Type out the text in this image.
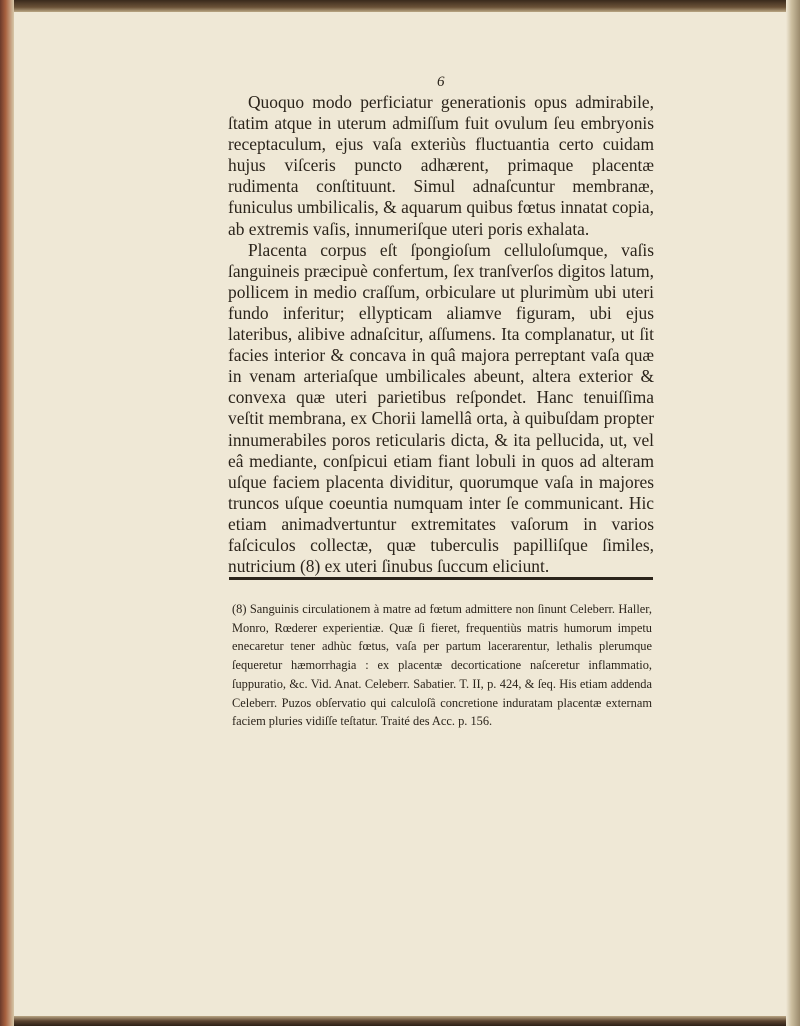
6

Quoquo modo perficiatur generationis opus admirabile, ſtatim atque in uterum admiſſum fuit ovulum ſeu embryonis receptaculum, ejus vaſa exteriùs fluctuantia certo cuidam hujus viſceris puncto adhærent, primaque placentæ rudimenta conſtituunt. Simul adnaſcuntur membranæ, funiculus umbilicalis, & aquarum quibus fœtus innatat copia, ab extremis vaſis, innumeriſque uteri poris exhalata.

Placenta corpus eſt ſpongioſum celluloſumque, vaſis ſanguineis præcipuè confertum, ſex tranſverſos digitos latum, pollicem in medio craſſum, orbiculare ut plurimùm ubi uteri fundo inferitur; ellypticam aliamve figuram, ubi ejus lateribus, alibive adnaſcitur, aſſumens. Ita complanatur, ut ſit facies interior & concava in quâ majora perreptant vaſa quæ in venam arteriaſque umbilicales abeunt, altera exterior & convexa quæ uteri parietibus reſpondet. Hanc tenuiſſima veſtit membrana, ex Chorii lamellâ orta, à quibuſdam propter innumerabiles poros reticularis dicta, & ita pellucida, ut, vel eâ mediante, conſpicui etiam fiant lobuli in quos ad alteram uſque faciem placenta dividitur, quorumque vaſa in majores truncos uſque coeuntia numquam inter ſe communicant. Hic etiam animadvertuntur extremitates vaſorum in varios faſciculos collectæ, quæ tuberculis papilliſque ſimiles, nutricium (8) ex uteri ſinubus ſuccum eliciunt.

(8) Sanguinis circulationem à matre ad fœtum admittere non ſinunt Celeberr. Haller, Monro, Rœderer experientiæ. Quæ ſi fieret, frequentiùs matris humorum impetu enecaretur tener adhùc fœtus, vaſa per partum lacerarentur, lethalis plerumque ſequeretur hæmorrhagia : ex placentæ decorticatione naſceretur inflammatio, ſuppuratio, &c. Vid. Anat. Celeberr. Sabatier. T. II, p. 424, & ſeq. His etiam addenda Celeberr. Puzos obſervatio qui calculoſâ concretione induratam placentæ externam faciem pluries vidiſſe teſtatur. Traité des Acc. p. 156.
